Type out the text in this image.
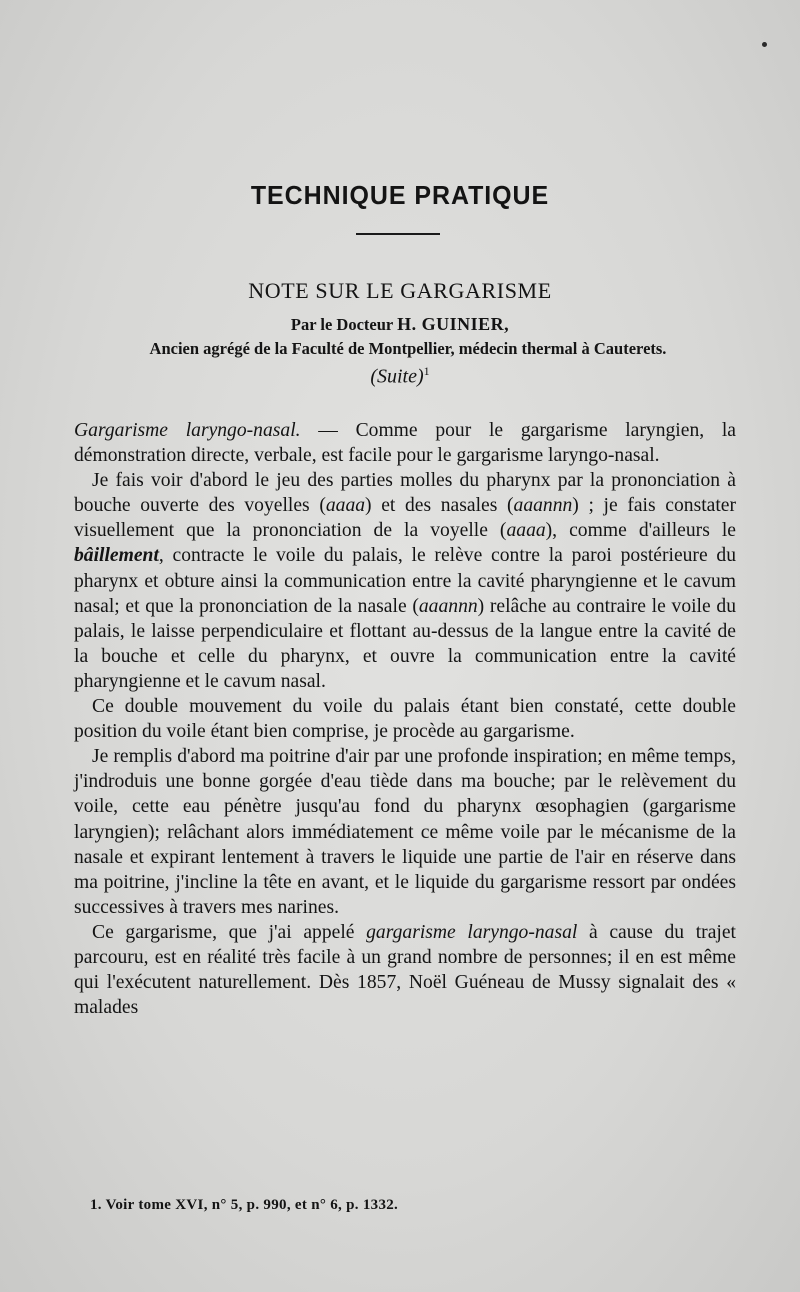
TECHNIQUE PRATIQUE
NOTE SUR LE GARGARISME
Par le Docteur H. GUINIER,
Ancien agrégé de la Faculté de Montpellier, médecin thermal à Cauterets.
(Suite)$^1$

Gargarisme laryngo-nasal. — Comme pour le gargarisme laryngien, la démonstration directe, verbale, est facile pour le gargarisme laryngo-nasal.

Je fais voir d'abord le jeu des parties molles du pharynx par la prononciation à bouche ouverte des voyelles (aaaa) et des nasales (aaannn) ; je fais constater visuellement que la prononciation de la voyelle (aaaa), comme d'ailleurs le bâillement, contracte le voile du palais, le relève contre la paroi postérieure du pharynx et obture ainsi la communication entre la cavité pharyngienne et le cavum nasal; et que la prononciation de la nasale (aaannn) relâche au contraire le voile du palais, le laisse perpendiculaire et flottant au-dessus de la langue entre la cavité de la bouche et celle du pharynx, et ouvre la communication entre la cavité pharyngienne et le cavum nasal.

Ce double mouvement du voile du palais étant bien constaté, cette double position du voile étant bien comprise, je procède au gargarisme.

Je remplis d'abord ma poitrine d'air par une profonde inspiration; en même temps, j'indroduis une bonne gorgée d'eau tiède dans ma bouche; par le relèvement du voile, cette eau pénètre jusqu'au fond du pharynx œsophagien (gargarisme laryngien); relâchant alors immédiatement ce même voile par le mécanisme de la nasale et expirant lentement à travers le liquide une partie de l'air en réserve dans ma poitrine, j'incline la tête en avant, et le liquide du gargarisme ressort par ondées successives à travers mes narines.

Ce gargarisme, que j'ai appelé gargarisme laryngo-nasal à cause du trajet parcouru, est en réalité très facile à un grand nombre de personnes; il en est même qui l'exécutent naturellement. Dès 1857, Noël Guéneau de Mussy signalait des « malades

1. Voir tome XVI, n° 5, p. 990, et n° 6, p. 1332.
